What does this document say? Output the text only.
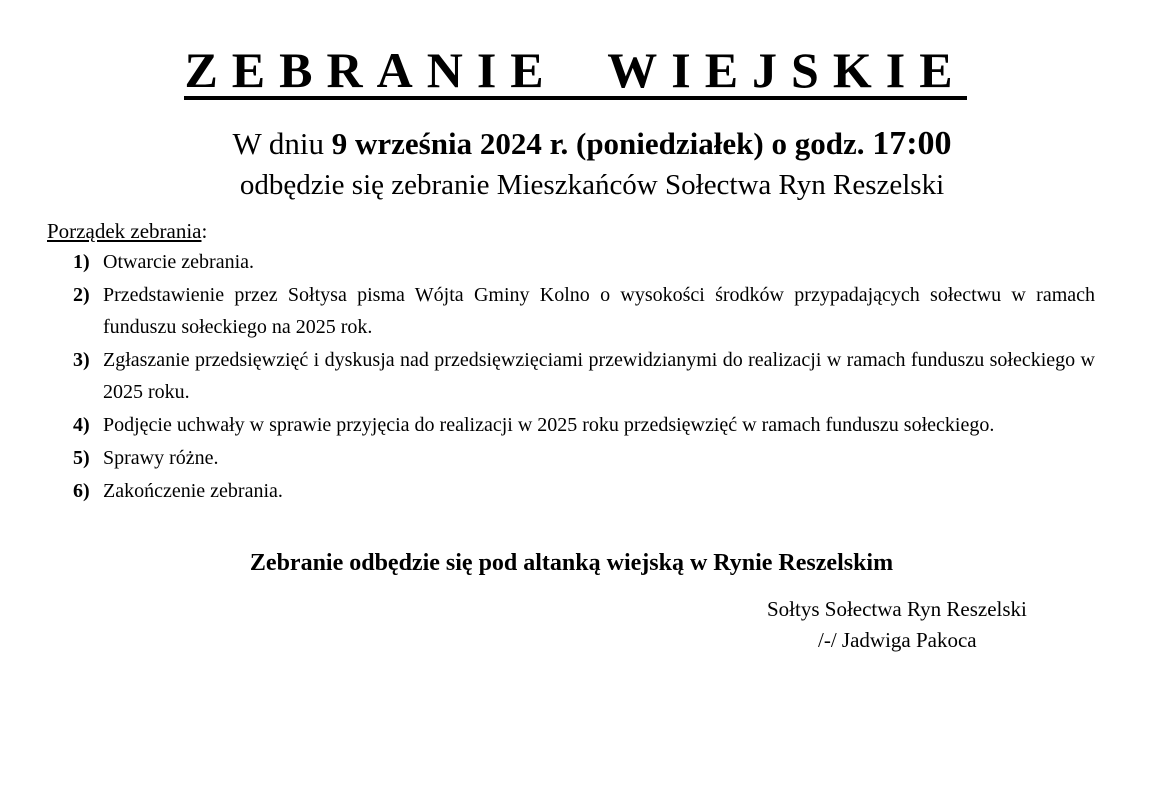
ZEBRANIE WIEJSKIE
W dniu 9 września 2024 r. (poniedziałek) o godz. 17:00
odbędzie się zebranie Mieszkańców Sołectwa Ryn Reszelski
Porządek zebrania:
1) Otwarcie zebrania.
2) Przedstawienie przez Sołtysa pisma Wójta Gminy Kolno o wysokości środków przypadających sołectwu w ramach funduszu sołeckiego na 2025 rok.
3) Zgłaszanie przedsięwzięć i dyskusja nad przedsięwzięciami przewidzianymi do realizacji w ramach funduszu sołeckiego w 2025 roku.
4) Podjęcie uchwały w sprawie przyjęcia do realizacji w 2025 roku przedsięwzięć w ramach funduszu sołeckiego.
5) Sprawy różne.
6) Zakończenie zebrania.
Zebranie odbędzie się pod altanką wiejską w Rynie Reszelskim
Sołtys Sołectwa Ryn Reszelski
/-/ Jadwiga Pakoca
